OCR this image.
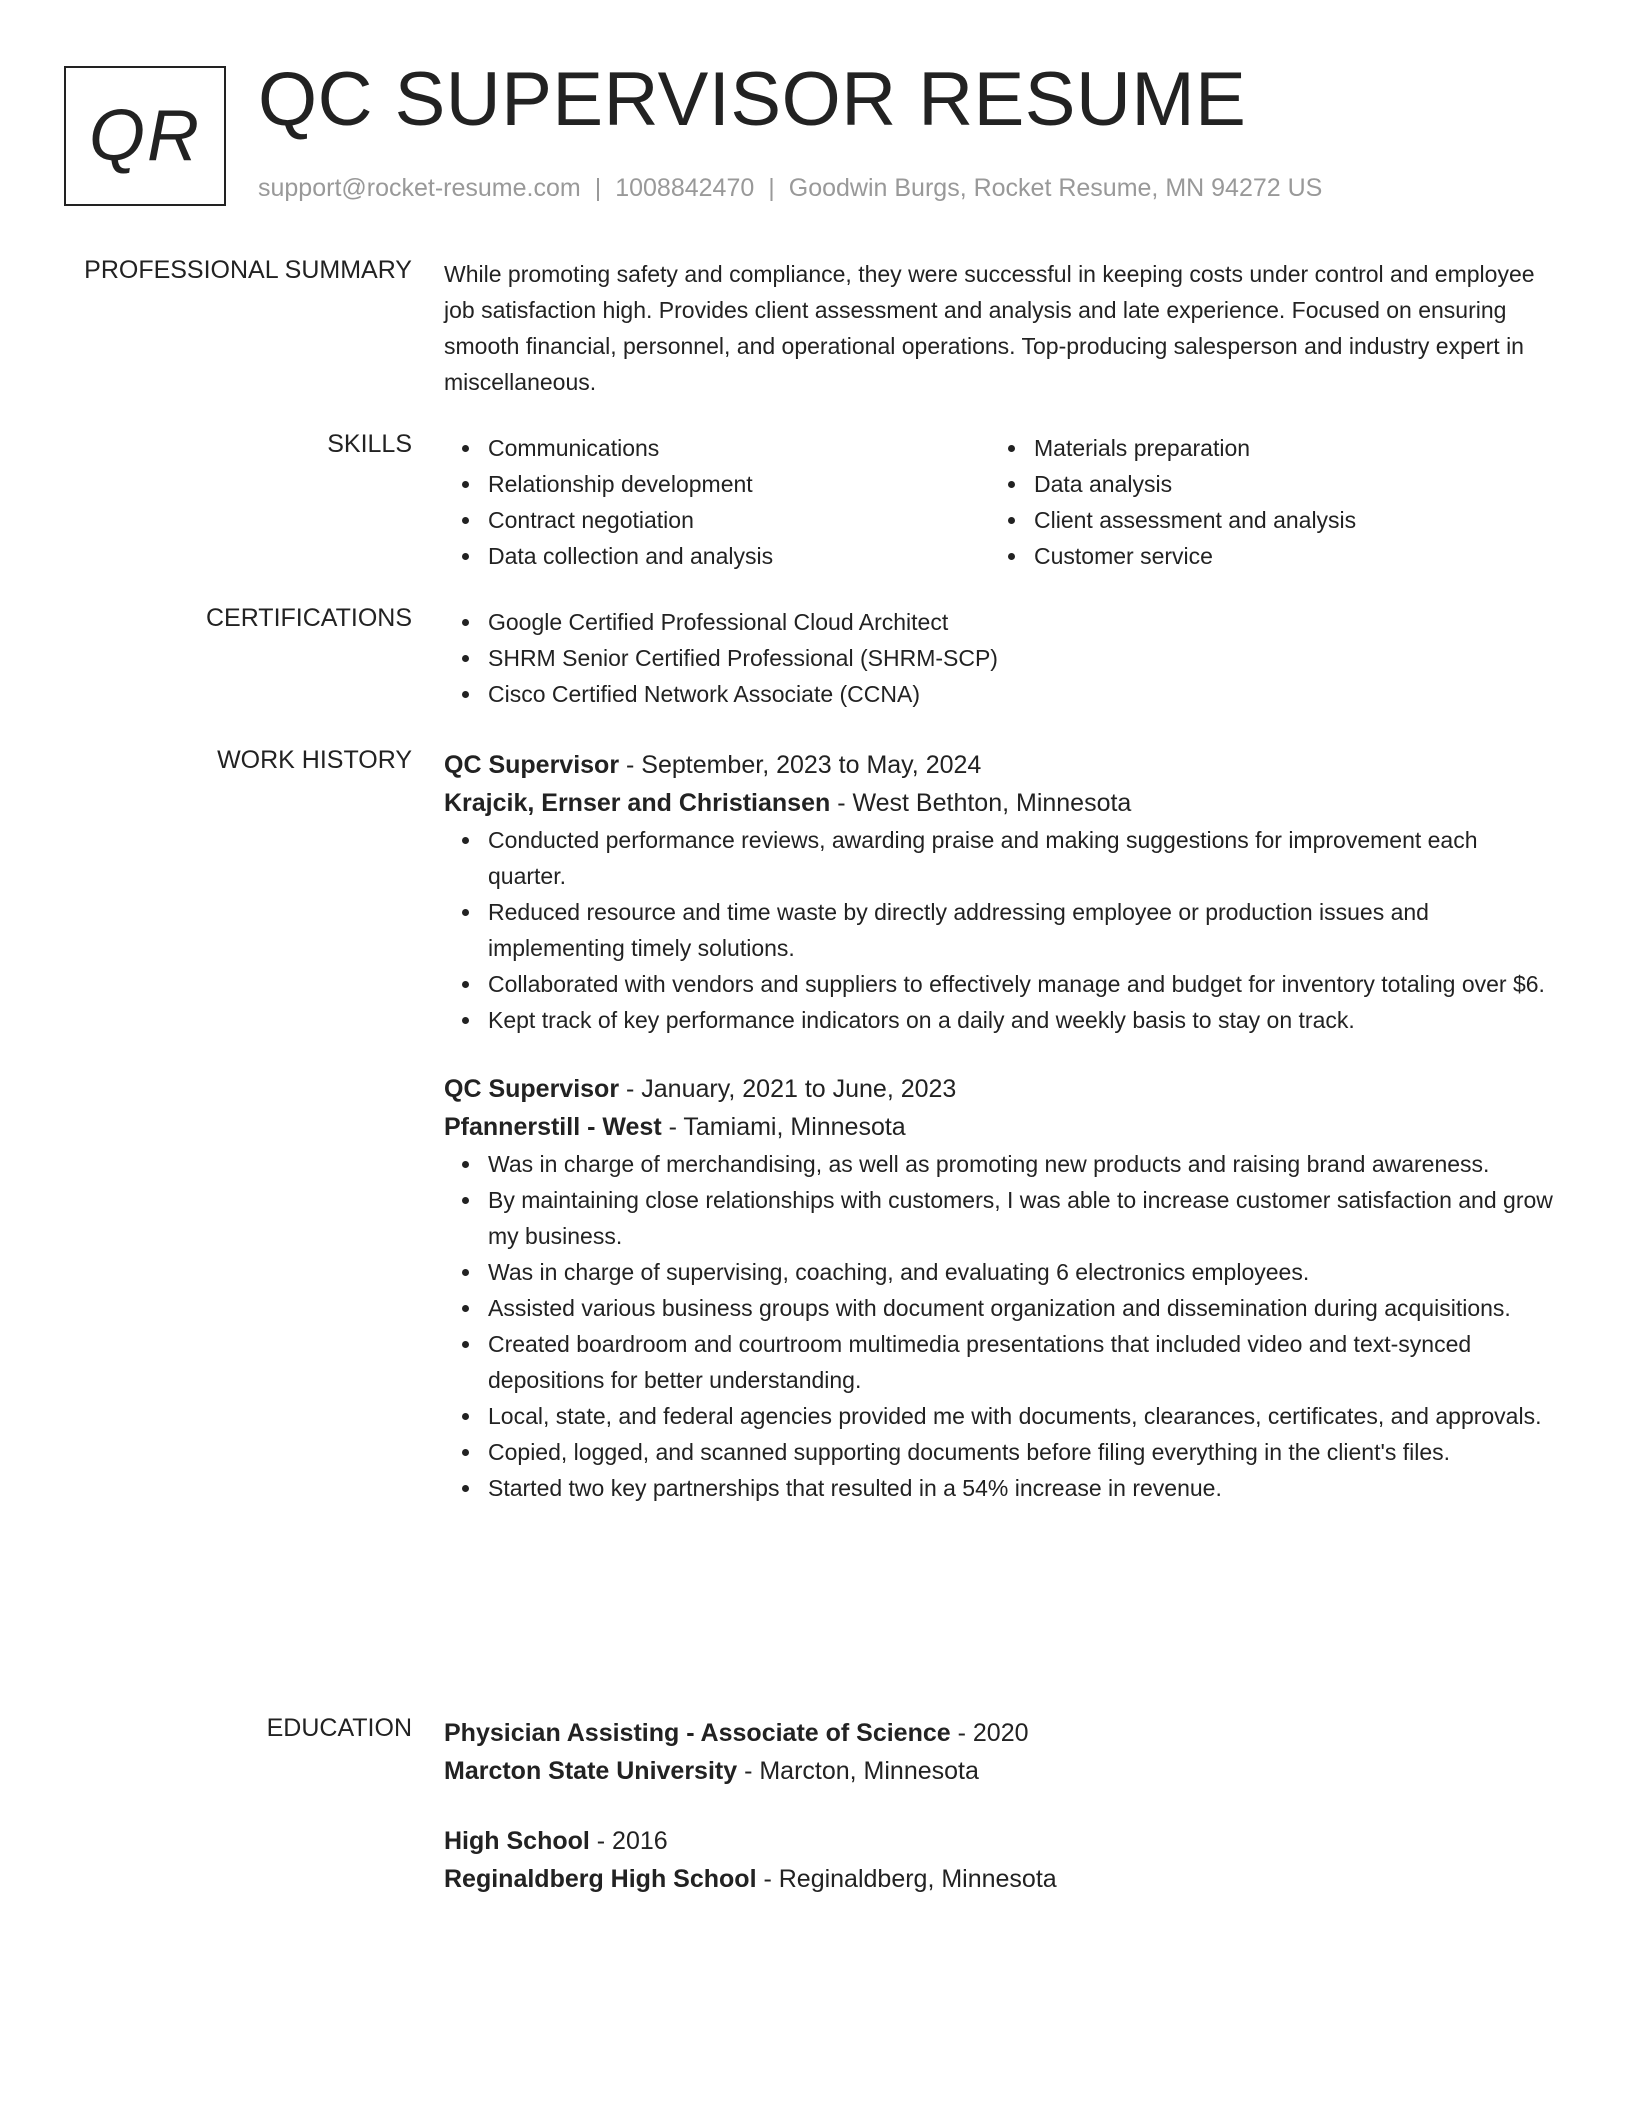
QR QC SUPERVISOR RESUME
support@rocket-resume.com | 1008842470 | Goodwin Burgs, Rocket Resume, MN 94272 US
PROFESSIONAL SUMMARY While promoting safety and compliance, they were successful in keeping costs under control and employee job satisfaction high. Provides client assessment and analysis and late experience. Focused on ensuring smooth financial, personnel, and operational operations. Top-producing salesperson and industry expert in miscellaneous.

SKILLS	Communications
Relationship development
Contract negotiation
Data collection and analysis
Materials preparation
Data analysis
Client assessment and analysis
Customer service
CERTIFICATIONS	Google Certified Professional Cloud Architect
SHRM Senior Certified Professional (SHRM-SCP)
Cisco Certified Network Associate (CCNA)
WORK HISTORY QC Supervisor - September, 2023 to May, 2024
Krajcik, Ernser and Christiansen - West Bethton, Minnesota
Conducted performance reviews, awarding praise and making suggestions for improvement each quarter.
Reduced resource and time waste by directly addressing employee or production issues and implementing timely solutions.
Collaborated with vendors and suppliers to effectively manage and budget for inventory totaling over $6.
Kept track of key performance indicators on a daily and weekly basis to stay on track.
QC Supervisor - January, 2021 to June, 2023
Pfannerstill - West - Tamiami, Minnesota
Was in charge of merchandising, as well as promoting new products and raising brand awareness.
By maintaining close relationships with customers, I was able to increase customer satisfaction and grow my business.
Was in charge of supervising, coaching, and evaluating 6 electronics employees.
Assisted various business groups with document organization and dissemination during acquisitions.
Created boardroom and courtroom multimedia presentations that included video and text-synced depositions for better understanding.
Local, state, and federal agencies provided me with documents, clearances, certificates, and approvals.
Copied, logged, and scanned supporting documents before filing everything in the client's files.
Started two key partnerships that resulted in a 54% increase in revenue.
EDUCATION Physician Assisting - Associate of Science - 2020
Marcton State University - Marcton, Minnesota
High School - 2016
Reginaldberg High School - Reginaldberg, Minnesota
